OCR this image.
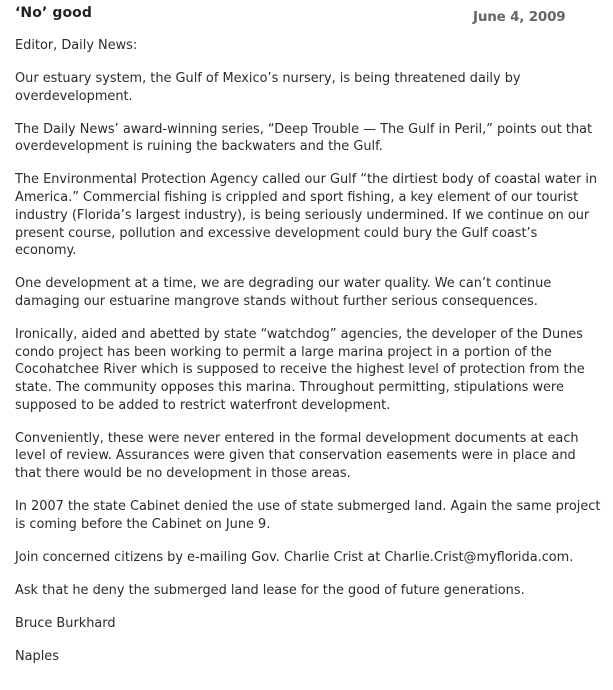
‘No’ good	June 4, 2009

Editor, Daily News:

Our estuary system, the Gulf of Mexico’s nursery, is being threatened daily by overdevelopment.

The Daily News’ award-winning series, “Deep Trouble — The Gulf in Peril,” points out that overdevelopment is ruining the backwaters and the Gulf.

The Environmental Protection Agency called our Gulf “the dirtiest body of coastal water in America.” Commercial fishing is crippled and sport fishing, a key element of our tourist industry (Florida’s largest industry), is being seriously undermined. If we continue on our present course, pollution and excessive development could bury the Gulf coast’s economy.

One development at a time, we are degrading our water quality. We can’t continue damaging our estuarine mangrove stands without further serious consequences.

Ironically, aided and abetted by state “watchdog” agencies, the developer of the Dunes condo project has been working to permit a large marina project in a portion of the Cocohatchee River which is supposed to receive the highest level of protection from the state. The community opposes this marina. Throughout permitting, stipulations were supposed to be added to restrict waterfront development.

Conveniently, these were never entered in the formal development documents at each level of review. Assurances were given that conservation easements were in place and that there would be no development in those areas.

In 2007 the state Cabinet denied the use of state submerged land. Again the same project is coming before the Cabinet on June 9.

Join concerned citizens by e-mailing Gov. Charlie Crist at Charlie.Crist@myflorida.com.

Ask that he deny the submerged land lease for the good of future generations.

Bruce Burkhard

Naples
